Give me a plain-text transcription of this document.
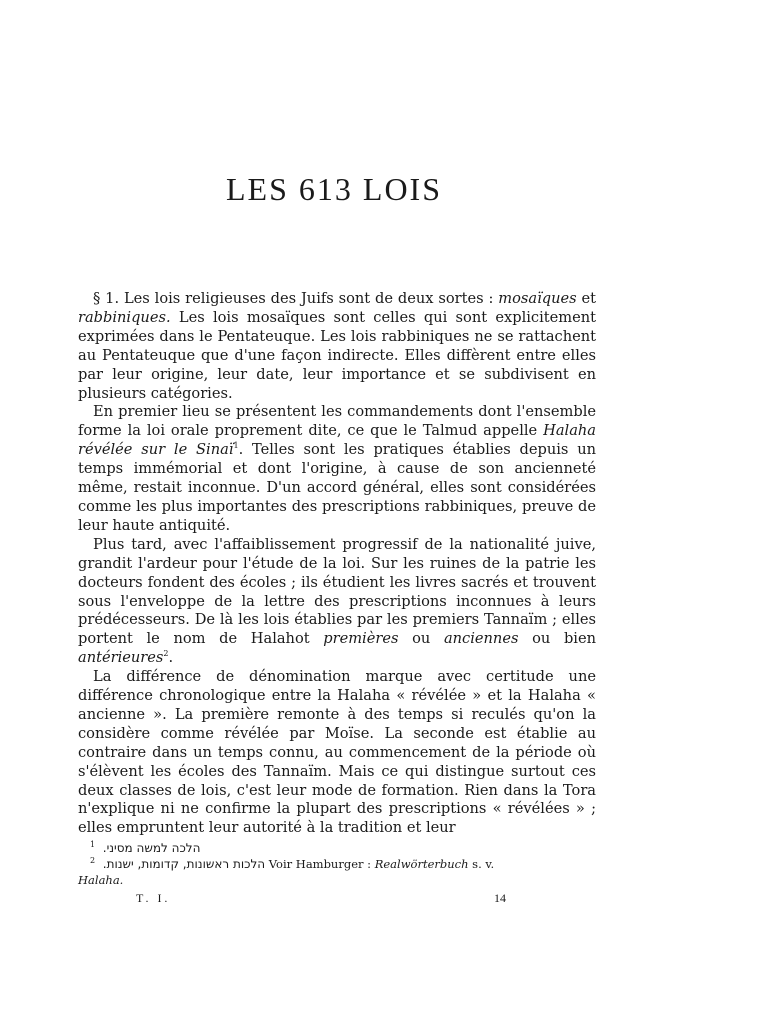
LES 613 LOIS

§ 1. Les lois religieuses des Juifs sont de deux sortes : mosaïques et rabbiniques. Les lois mosaïques sont celles qui sont explicitement exprimées dans le Pentateuque. Les lois rabbiniques ne se rattachent au Pentateuque que d'une façon indirecte. Elles diffèrent entre elles par leur origine, leur date, leur importance et se subdivisent en plusieurs catégories.

En premier lieu se présentent les commandements dont l'ensemble forme la loi orale proprement dite, ce que le Talmud appelle Halaha révélée sur le Sinaï$^1$. Telles sont les pratiques établies depuis un temps immémorial et dont l'origine, à cause de son ancienneté même, restait inconnue. D'un accord général, elles sont considérées comme les plus importantes des prescriptions rabbiniques, preuve de leur haute antiquité.

Plus tard, avec l'affaiblissement progressif de la nationalité juive, grandit l'ardeur pour l'étude de la loi. Sur les ruines de la patrie les docteurs fondent des écoles ; ils étudient les livres sacrés et trouvent sous l'enveloppe de la lettre des prescriptions inconnues à leurs prédécesseurs. De là les lois établies par les premiers Tannaïm ; elles portent le nom de Halahot premières ou anciennes ou bien antérieures$^2$.

La différence de dénomination marque avec certitude une différence chronologique entre la Halaha « révélée » et la Halaha « ancienne ». La première remonte à des temps si reculés qu'on la considère comme révélée par Moïse. La seconde est établie au contraire dans un temps connu, au commencement de la période où s'élèvent les écoles des Tannaïm. Mais ce qui distingue surtout ces deux classes de lois, c'est leur mode de formation. Rien dans la Tora n'explique ni ne confirme la plupart des prescriptions « révélées » ; elles empruntent leur autorité à la tradition et leur

$^1$ הלכה למשה מסיני.

$^2$ הלכות ראשונות, קדומות, ישנות. Voir Hamburger : Realwörterbuch s. v.

Halaha.

T. I.	14
